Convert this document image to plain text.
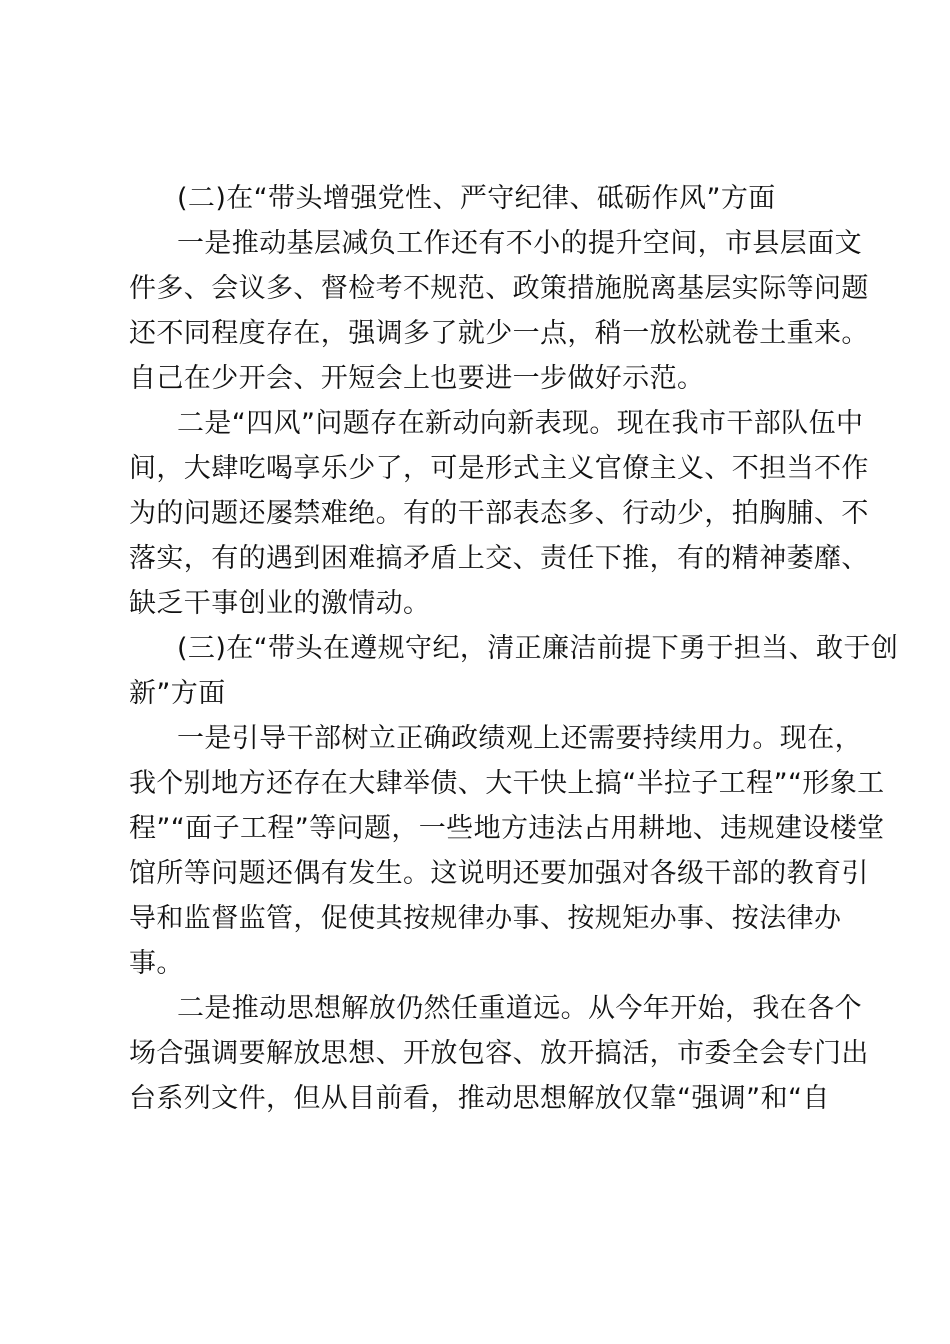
(二)在“带头增强党性、严守纪律、砥砺作风”方面
一是推动基层减负工作还有不小的提升空间，市县层面文
件多、会议多、督检考不规范、政策措施脱离基层实际等问题
还不同程度存在，强调多了就少一点，稍一放松就卷土重来。
自己在少开会、开短会上也要进一步做好示范。
二是“四风”问题存在新动向新表现。现在我市干部队伍中
间，大肆吃喝享乐少了，可是形式主义官僚主义、不担当不作
为的问题还屡禁难绝。有的干部表态多、行动少，拍胸脯、不
落实，有的遇到困难搞矛盾上交、责任下推，有的精神萎靡、
缺乏干事创业的激情动。
(三)在“带头在遵规守纪，清正廉洁前提下勇于担当、敢于创
新”方面
一是引导干部树立正确政绩观上还需要持续用力。现在，
我个别地方还存在大肆举债、大干快上搞“半拉子工程”“形象工
程”“面子工程”等问题，一些地方违法占用耕地、违规建设楼堂
馆所等问题还偶有发生。这说明还要加强对各级干部的教育引
导和监督监管，促使其按规律办事、按规矩办事、按法律办
事。
二是推动思想解放仍然任重道远。从今年开始，我在各个
场合强调要解放思想、开放包容、放开搞活，市委全会专门出
台系列文件，但从目前看，推动思想解放仅靠“强调”和“自
